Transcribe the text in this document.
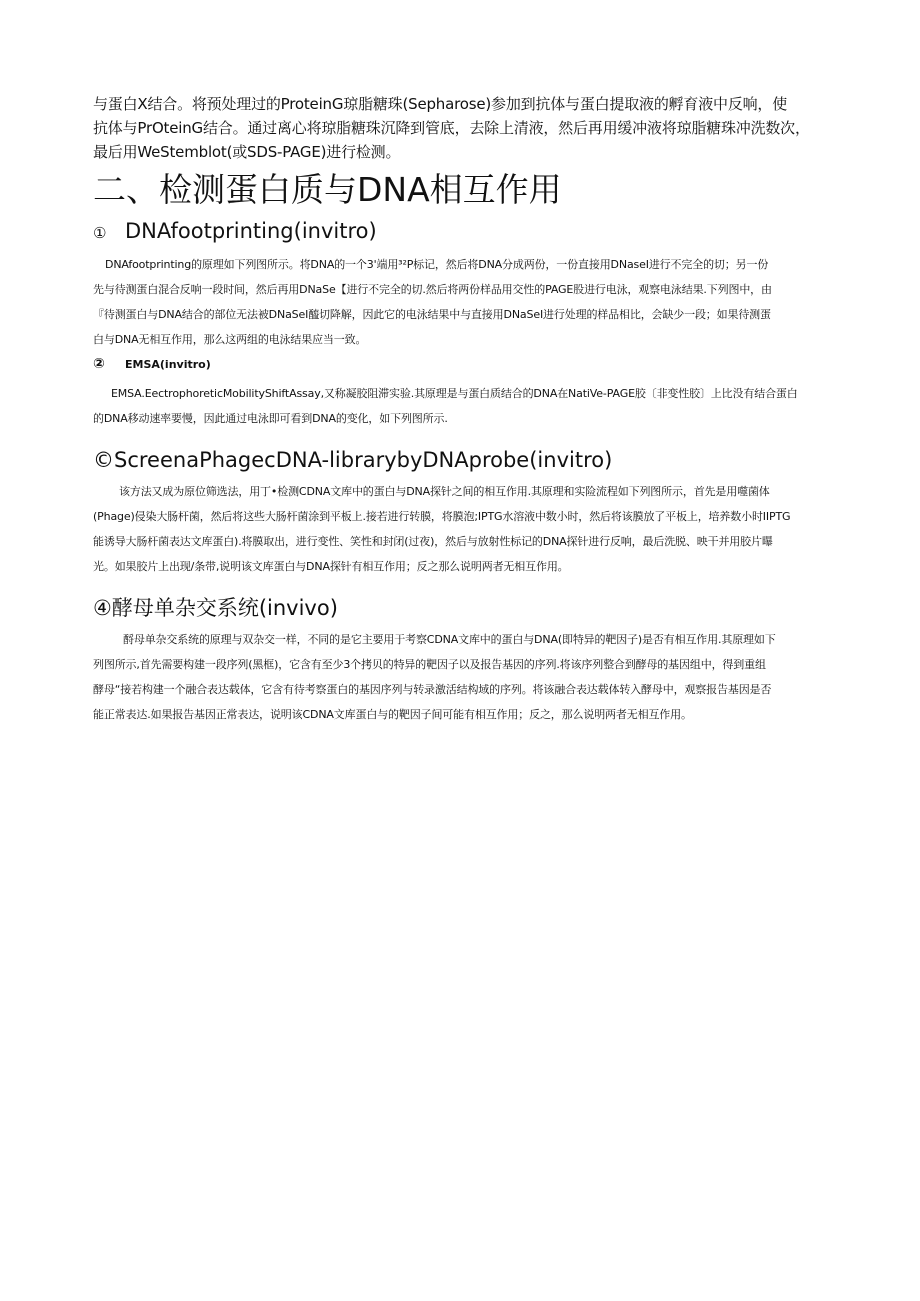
与蛋白X结合。将预处理过的ProteinG琼脂糖珠(Sepharose)参加到抗体与蛋白提取液的孵育液中反响，使

抗体与PrOteinG结合。通过离心将琼脂糖珠沉降到管底，去除上清液，然后再用缓冲液将琼脂糖珠冲洗数次，

最后用WeStemblot(或SDS-PAGE)进行检测。

二、检测蛋白质与DNA相互作用
① DNAfootprinting(invitro)

DNAfootprinting的原理如下列图所示。将DNA的一个3'端用³²P标记，然后将DNA分成两份，一份直接用DNaseI进行不完全的切；另一份

先与待测蛋白混合反响一段时间，然后再用DNaSe【进行不完全的切.然后将两份样品用交性的PAGE股进行电泳，观察电泳结果.下列图中，由

『待测蛋白与DNA结合的部位无法被DNaSeI醯切降解，因此它的电泳结果中与直接用DNaSeI进行处理的样品相比，会缺少一段；如果待测蛋

白与DNA无相互作用，那么这两组的电泳结果应当一致。

② EMSA(invitro)

EMSA.EectrophoreticMobilityShiftAssay,又称凝胶阻滞实验.其原理是与蛋白质结合的DNA在NatiVe-PAGE胶〔非变性胶〕上比没有结合蛋白

的DNA移动速率要慢，因此通过电泳即可看到DNA的变化，如下列图所示.

©ScreenaPhagecDNA-librarybyDNAprobe(invitro)

该方法又成为原位筛选法，用丁•检测CDNA文库中的蛋白与DNA探针之间的相互作用.其原理和实险流程如下列图所示，首先是用噬菌体

(Phage)侵染大肠杆菌，然后将这些大肠杆菌涂到平板上.接若进行转膜，将膜泡;IPTG水溶液中数小时，然后将该膜放了平板上，培养数小时IIPTG

能诱导大肠杆菌表达文库蛋白).将膜取出，进行变性、笑性和封闭(过夜)，然后与放射性标记的DNA探针进行反响，最后洗脱、映干并用胶片曝

光。如果胶片上出现/条带,说明该文库蛋白与DNA探针有相互作用；反之那么说明两者无相互作用。

④酵母单杂交系统(invivo)

酹母单杂交系统的原理与双杂交一样，不同的是它主要用于考察CDNA文库中的蛋白与DNA(即特异的靶因子)是否有相互作用.其原理如下

列图所示,首先需要构建一段序列(黑框)，它含有至少3个拷贝的特异的靶因子以及报告基因的序列.将该序列整合到酵母的基因组中，得到重组

酵母“接若构建一个融合表达载体，它含有待考察蛋白的基因序列与转录激活结构域的序列。将该融合表达载体转入酵母中，观察报告基因是否

能正常表达.如果报告基因正常表达，说明该CDNA文库蛋白与的靶因子间可能有相互作用；反之，那么说明两者无相互作用。
